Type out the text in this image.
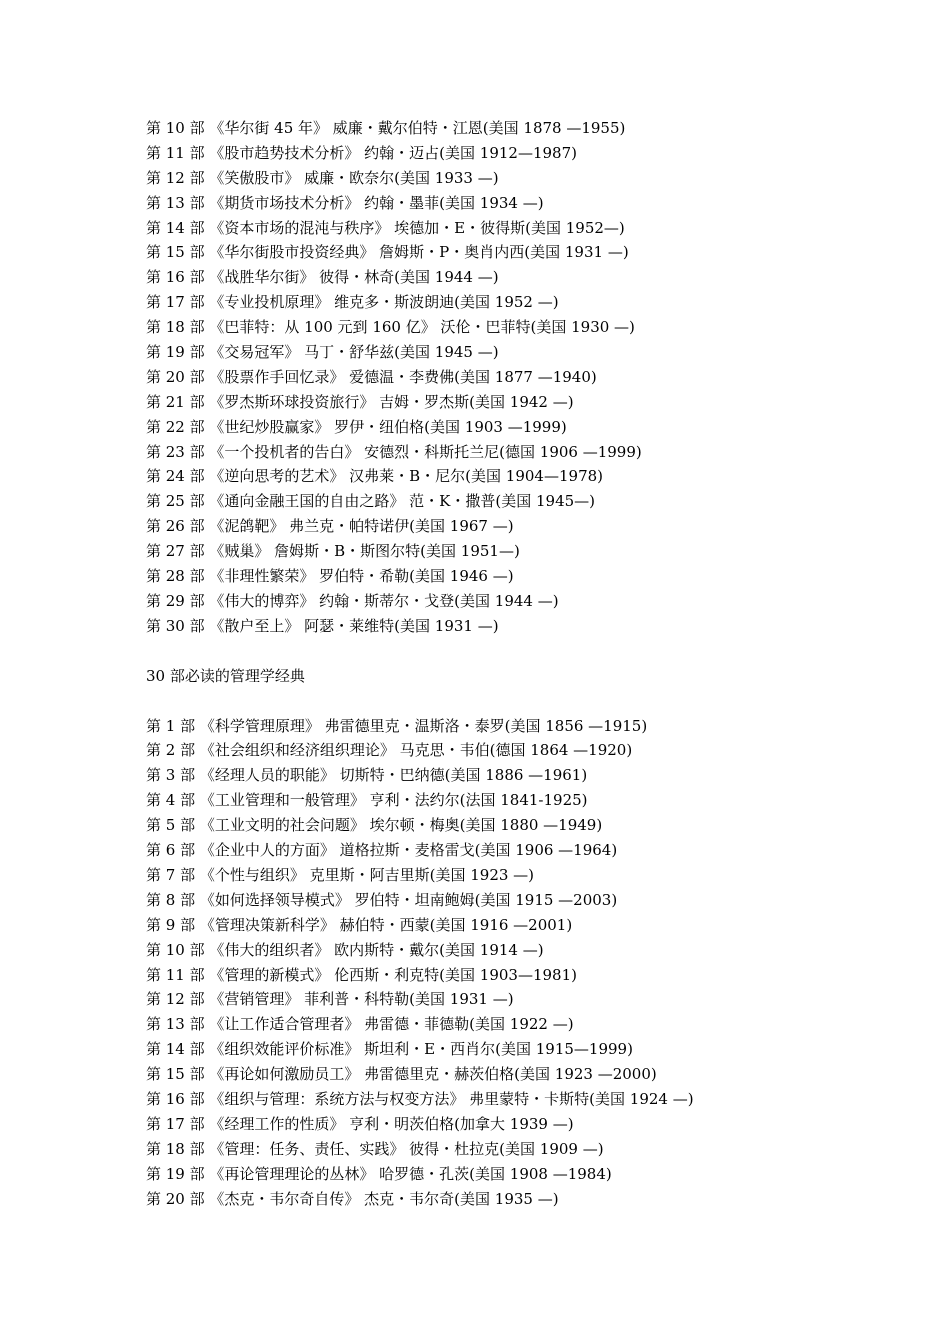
第 10 部 《华尔街 45 年》 威廉・戴尔伯特・江恩(美国 1878 —1955)
第 11 部 《股市趋势技术分析》 约翰・迈占(美国 1912—1987)
第 12 部 《笑傲股市》 威廉・欧奈尔(美国 1933 —)
第 13 部 《期货市场技术分析》 约翰・墨菲(美国 1934 —)
第 14 部 《资本市场的混沌与秩序》 埃德加・E・彼得斯(美国 1952—)
第 15 部 《华尔街股市投资经典》 詹姆斯・P・奥肖内西(美国 1931 —)
第 16 部 《战胜华尔街》 彼得・林奇(美国 1944 —)
第 17 部 《专业投机原理》 维克多・斯波朗迪(美国 1952 —)
第 18 部 《巴菲特：从 100 元到 160 亿》 沃伦・巴菲特(美国 1930 —)
第 19 部 《交易冠军》 马丁・舒华兹(美国 1945 —)
第 20 部 《股票作手回忆录》 爱德温・李费佛(美国 1877 —1940)
第 21 部 《罗杰斯环球投资旅行》 吉姆・罗杰斯(美国 1942 —)
第 22 部 《世纪炒股赢家》 罗伊・纽伯格(美国 1903 —1999)
第 23 部 《一个投机者的告白》 安德烈・科斯托兰尼(德国 1906 —1999)
第 24 部 《逆向思考的艺术》 汉弗莱・B・尼尔(美国 1904—1978)
第 25 部 《通向金融王国的自由之路》 范・K・撒普(美国 1945—)
第 26 部 《泥鸽靶》 弗兰克・帕特诺伊(美国 1967 —)
第 27 部 《贼巢》 詹姆斯・B・斯图尔特(美国 1951—)
第 28 部 《非理性繁荣》 罗伯特・希勒(美国 1946 —)
第 29 部 《伟大的博弈》 约翰・斯蒂尔・戈登(美国 1944 —)
第 30 部 《散户至上》 阿瑟・莱维特(美国 1931 —)
30 部必读的管理学经典
第 1 部 《科学管理原理》 弗雷德里克・温斯洛・泰罗(美国 1856 —1915)
第 2 部 《社会组织和经济组织理论》 马克思・韦伯(德国 1864 —1920)
第 3 部 《经理人员的职能》 切斯特・巴纳德(美国 1886 —1961)
第 4 部 《工业管理和一般管理》 亨利・法约尔(法国 1841-1925)
第 5 部 《工业文明的社会问题》 埃尔顿・梅奥(美国 1880 —1949)
第 6 部 《企业中人的方面》 道格拉斯・麦格雷戈(美国 1906 —1964)
第 7 部 《个性与组织》 克里斯・阿吉里斯(美国 1923 —)
第 8 部 《如何选择领导模式》 罗伯特・坦南鲍姆(美国 1915 —2003)
第 9 部 《管理决策新科学》 赫伯特・西蒙(美国 1916 —2001)
第 10 部 《伟大的组织者》 欧内斯特・戴尔(美国 1914 —)
第 11 部 《管理的新模式》 伦西斯・利克特(美国 1903—1981)
第 12 部 《营销管理》 菲利普・科特勒(美国 1931 —)
第 13 部 《让工作适合管理者》 弗雷德・菲德勒(美国 1922 —)
第 14 部 《组织效能评价标准》 斯坦利・E・西肖尔(美国 1915—1999)
第 15 部 《再论如何激励员工》 弗雷德里克・赫茨伯格(美国 1923 —2000)
第 16 部 《组织与管理：系统方法与权变方法》 弗里蒙特・卡斯特(美国 1924 —)
第 17 部 《经理工作的性质》 亨利・明茨伯格(加拿大 1939 —)
第 18 部 《管理：任务、责任、实践》 彼得・杜拉克(美国 1909 —)
第 19 部 《再论管理理论的丛林》 哈罗德・孔茨(美国 1908 —1984)
第 20 部 《杰克・韦尔奇自传》 杰克・韦尔奇(美国 1935 —)
